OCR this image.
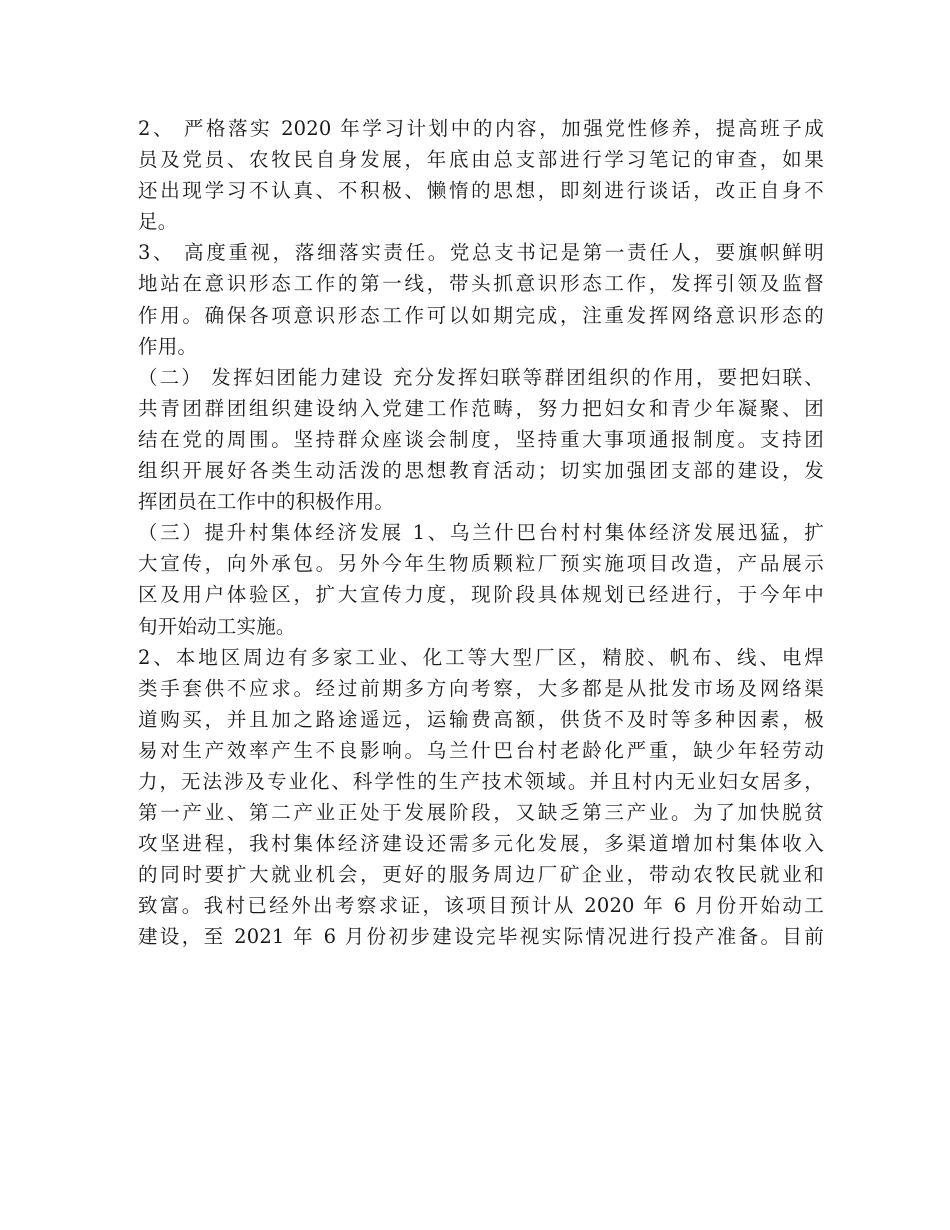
2、 严格落实 2020 年学习计划中的内容，加强党性修养，提高班子成
员及党员、农牧民自身发展，年底由总支部进行学习笔记的审查，如果
还出现学习不认真、不积极、懒惰的思想，即刻进行谈话，改正自身不
足。
3、 高度重视，落细落实责任。党总支书记是第一责任人，要旗帜鲜明
地站在意识形态工作的第一线，带头抓意识形态工作，发挥引领及监督
作用。确保各项意识形态工作可以如期完成，注重发挥网络意识形态的
作用。
（二） 发挥妇团能力建设 充分发挥妇联等群团组织的作用，要把妇联、
共青团群团组织建设纳入党建工作范畴，努力把妇女和青少年凝聚、团
结在党的周围。坚持群众座谈会制度，坚持重大事项通报制度。支持团
组织开展好各类生动活泼的思想教育活动；切实加强团支部的建设，发
挥团员在工作中的积极作用。
（三）提升村集体经济发展 1、乌兰什巴台村村集体经济发展迅猛，扩
大宣传，向外承包。另外今年生物质颗粒厂预实施项目改造，产品展示
区及用户体验区，扩大宣传力度，现阶段具体规划已经进行，于今年中
旬开始动工实施。
2、本地区周边有多家工业、化工等大型厂区，精胶、帆布、线、电焊
类手套供不应求。经过前期多方向考察，大多都是从批发市场及网络渠
道购买，并且加之路途遥远，运输费高额，供货不及时等多种因素，极
易对生产效率产生不良影响。乌兰什巴台村老龄化严重，缺少年轻劳动
力，无法涉及专业化、科学性的生产技术领域。并且村内无业妇女居多，
第一产业、第二产业正处于发展阶段，又缺乏第三产业。为了加快脱贫
攻坚进程，我村集体经济建设还需多元化发展，多渠道增加村集体收入
的同时要扩大就业机会，更好的服务周边厂矿企业，带动农牧民就业和
致富。我村已经外出考察求证，该项目预计从 2020 年 6 月份开始动工
建设，至 2021 年 6 月份初步建设完毕视实际情况进行投产准备。目前
